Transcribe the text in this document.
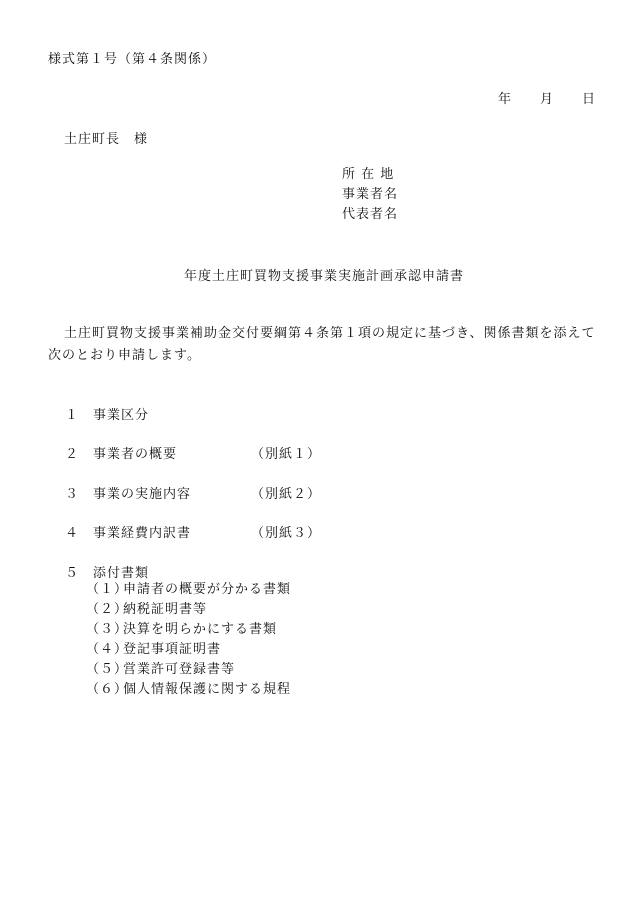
様式第１号（第４条関係）
年 月 日
土庄町長　様
所 在 地
事業者名
代表者名
年度土庄町買物支援事業実施計画承認申請書
土庄町買物支援事業補助金交付要綱第４条第１項の規定に基づき、関係書類を添えて次のとおり申請します。
１ 事業区分
２ 事業者の概要	（別紙１）
３ 事業の実施内容	（別紙２）
４ 事業経費内訳書	（別紙３）
５ 添付書類
（１）申請者の概要が分かる書類
（２）納税証明書等
（３）決算を明らかにする書類
（４）登記事項証明書
（５）営業許可登録書等
（６）個人情報保護に関する規程
